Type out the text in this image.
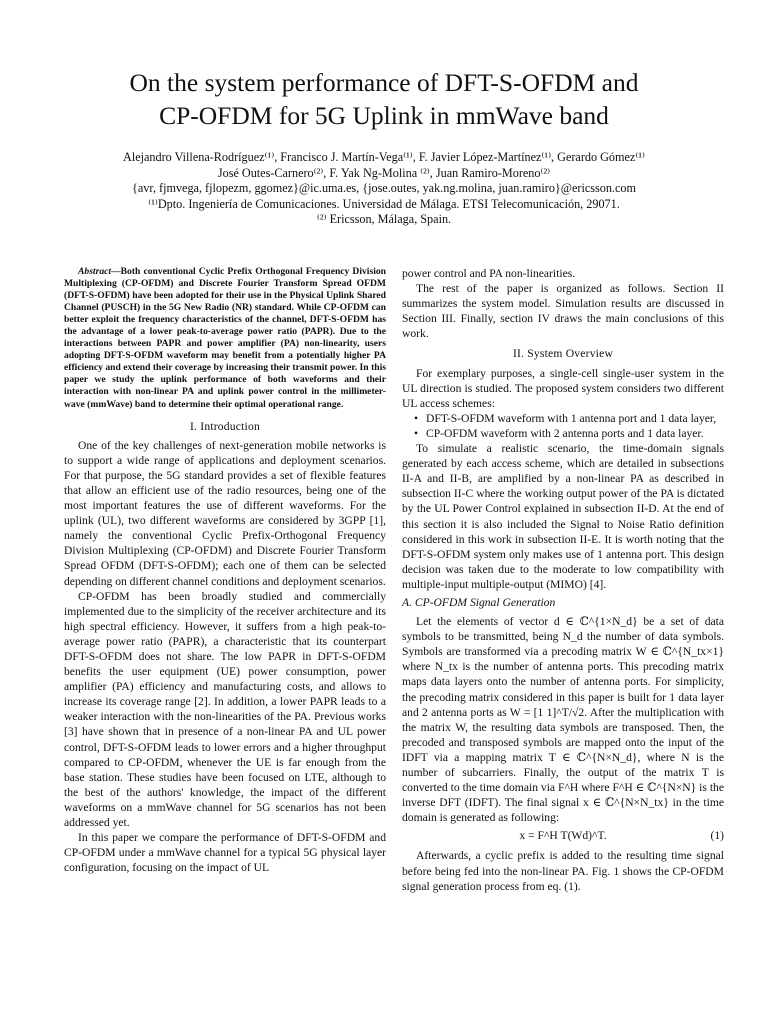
On the system performance of DFT-S-OFDM and
CP-OFDM for 5G Uplink in mmWave band
Alejandro Villena-Rodríguez⁽¹⁾, Francisco J. Martín-Vega⁽¹⁾, F. Javier López-Martínez⁽¹⁾, Gerardo Gómez⁽¹⁾
José Outes-Carnero⁽²⁾, F. Yak Ng-Molina ⁽²⁾, Juan Ramiro-Moreno⁽²⁾
{avr, fjmvega, fjlopezm, ggomez}@ic.uma.es, {jose.outes, yak.ng.molina, juan.ramiro}@ericsson.com
⁽¹⁾Dpto. Ingeniería de Comunicaciones. Universidad de Málaga. ETSI Telecomunicación, 29071.
⁽²⁾ Ericsson, Málaga, Spain.

Abstract—Both conventional Cyclic Prefix Orthogonal Frequency Division Multiplexing (CP-OFDM) and Discrete Fourier Transform Spread OFDM (DFT-S-OFDM) have been adopted for their use in the Physical Uplink Shared Channel (PUSCH) in the 5G New Radio (NR) standard. While CP-OFDM can better exploit the frequency characteristics of the channel, DFT-S-OFDM has the advantage of a lower peak-to-average power ratio (PAPR). Due to the interactions between PAPR and power amplifier (PA) non-linearity, users adopting DFT-S-OFDM waveform may benefit from a potentially higher PA efficiency and extend their coverage by increasing their transmit power. In this paper we study the uplink performance of both waveforms and their interaction with non-linear PA and uplink power control in the millimeter-wave (mmWave) band to determine their optimal operational range.

I. Introduction

One of the key challenges of next-generation mobile networks is to support a wide range of applications and deployment scenarios. For that purpose, the 5G standard provides a set of flexible features that allow an efficient use of the radio resources, being one of the most important features the use of different waveforms. For the uplink (UL), two different waveforms are considered by 3GPP [1], namely the conventional Cyclic Prefix-Orthogonal Frequency Division Multiplexing (CP-OFDM) and Discrete Fourier Transform Spread OFDM (DFT-S-OFDM); each one of them can be selected depending on different channel conditions and deployment scenarios.

CP-OFDM has been broadly studied and commercially implemented due to the simplicity of the receiver architecture and its high spectral efficiency. However, it suffers from a high peak-to-average power ratio (PAPR), a characteristic that its counterpart DFT-S-OFDM does not share. The low PAPR in DFT-S-OFDM benefits the user equipment (UE) power consumption, power amplifier (PA) efficiency and manufacturing costs, and allows to increase its coverage range [2]. In addition, a lower PAPR leads to a weaker interaction with the non-linearities of the PA. Previous works [3] have shown that in presence of a non-linear PA and UL power control, DFT-S-OFDM leads to lower errors and a higher throughput compared to CP-OFDM, whenever the UE is far enough from the base station. These studies have been focused on LTE, although to the best of the authors' knowledge, the impact of the different waveforms on a mmWave channel for 5G scenarios has not been addressed yet.

In this paper we compare the performance of DFT-S-OFDM and CP-OFDM under a mmWave channel for a typical 5G physical layer configuration, focusing on the impact of UL

power control and PA non-linearities.

The rest of the paper is organized as follows. Section II summarizes the system model. Simulation results are discussed in Section III. Finally, section IV draws the main conclusions of this work.

II. System Overview

For exemplary purposes, a single-cell single-user system in the UL direction is studied. The proposed system considers two different UL access schemes:

• DFT-S-OFDM waveform with 1 antenna port and 1 data layer,
• CP-OFDM waveform with 2 antenna ports and 1 data layer.

To simulate a realistic scenario, the time-domain signals generated by each access scheme, which are detailed in subsections II-A and II-B, are amplified by a non-linear PA as described in subsection II-C where the working output power of the PA is dictated by the UL Power Control explained in subsection II-D. At the end of this section it is also included the Signal to Noise Ratio definition considered in this work in subsection II-E. It is worth noting that the DFT-S-OFDM system only makes use of 1 antenna port. This design decision was taken due to the moderate to low compatibility with multiple-input multiple-output (MIMO) [4].

A. CP-OFDM Signal Generation

Let the elements of vector d ∈ ℂ^{1×N_d} be a set of data symbols to be transmitted, being N_d the number of data symbols. Symbols are transformed via a precoding matrix W ∈ ℂ^{N_tx×1} where N_tx is the number of antenna ports. This precoding matrix maps data layers onto the number of antenna ports. For simplicity, the precoding matrix considered in this paper is built for 1 data layer and 2 antenna ports as W = [1 1]^T/√2. After the multiplication with the matrix W, the resulting data symbols are transposed. Then, the precoded and transposed symbols are mapped onto the input of the IDFT via a mapping matrix T ∈ ℂ^{N×N_d}, where N is the number of subcarriers. Finally, the output of the matrix T is converted to the time domain via F^H where F^H ∈ ℂ^{N×N} is the inverse DFT (IDFT). The final signal x ∈ ℂ^{N×N_tx} in the time domain is generated as following:

x = F^H T(Wd)^T.	(1)

Afterwards, a cyclic prefix is added to the resulting time signal before being fed into the non-linear PA. Fig. 1 shows the CP-OFDM signal generation process from eq. (1).
